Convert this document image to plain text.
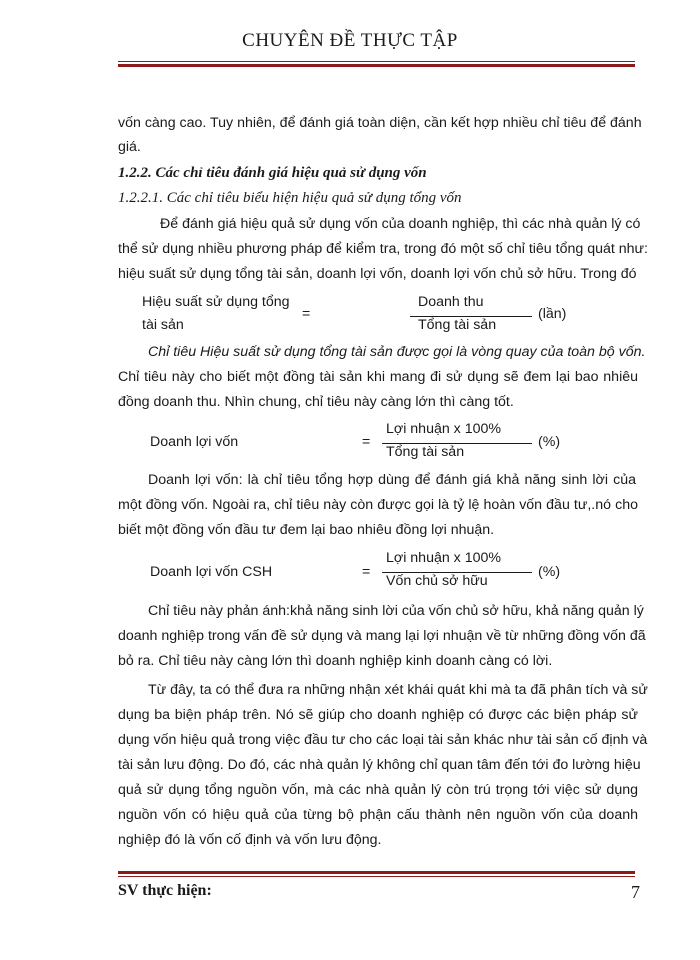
CHUYÊN ĐỀ THỰC TẬP
vốn càng cao. Tuy nhiên, để đánh giá toàn diện, cần kết hợp nhiều chỉ tiêu để đánh
giá.
1.2.2. Các chỉ tiêu đánh giá hiệu quả sử dụng vốn
1.2.2.1. Các chỉ tiêu biểu hiện hiệu quả sử dụng tổng vốn
Để đánh giá hiệu quả sử dụng vốn của doanh nghiệp, thì các nhà quản lý có
thể sử dụng nhiều phương pháp để kiểm tra, trong đó một số chỉ tiêu tổng quát như:
hiệu suất sử dụng tổng tài sản, doanh lợi vốn, doanh lợi vốn chủ sở hữu. Trong đó
Hiệu suất sử dụng tổng
tài sản
=
Doanh thu
Tổng tài sản
(lần)
Chỉ tiêu Hiệu suất sử dụng tổng tài sản được gọi là vòng quay của toàn bộ vốn.
Chỉ tiêu này cho biết một đồng tài sản khi mang đi sử dụng sẽ đem lại bao nhiêu
đồng doanh thu. Nhìn chung, chỉ tiêu này càng lớn thì càng tốt.
Doanh lợi vốn	=
Lợi nhuận x 100%
Tổng tài sản
(%)
Doanh lợi vốn: là chỉ tiêu tổng hợp dùng để đánh giá khả năng sinh lời của
một đồng vốn. Ngoài ra, chỉ tiêu này còn được gọi là tỷ lệ hoàn vốn đầu tư,.nó cho
biết một đồng vốn đầu tư đem lại bao nhiêu đồng lợi nhuận.
Doanh lợi vốn CSH	=
Lợi nhuận x 100%
Vốn chủ sở hữu
(%)
Chỉ tiêu này phản ánh:khả năng sinh lời của vốn chủ sở hữu, khả năng quản lý
doanh nghiệp trong vấn đề sử dụng và mang lại lợi nhuận về từ những đồng vốn đã
bỏ ra. Chỉ tiêu này càng lớn thì doanh nghiệp kinh doanh càng có lời.
Từ đây, ta có thể đưa ra những nhận xét khái quát khi mà ta đã phân tích và sử
dụng ba biện pháp trên. Nó sẽ giúp cho doanh nghiệp có được các biện pháp sử
dụng vốn hiệu quả trong việc đầu tư cho các loại tài sản khác như tài sản cố định và
tài sản lưu động. Do đó, các nhà quản lý không chỉ quan tâm đến tới đo lường hiệu
quả sử dụng tổng nguồn vốn, mà các nhà quản lý còn trú trọng tới việc sử dụng
nguồn vốn có hiệu quả của từng bộ phận cấu thành nên nguồn vốn của doanh
nghiệp đó là vốn cố định và vốn lưu động.
SV thực hiện:	7
